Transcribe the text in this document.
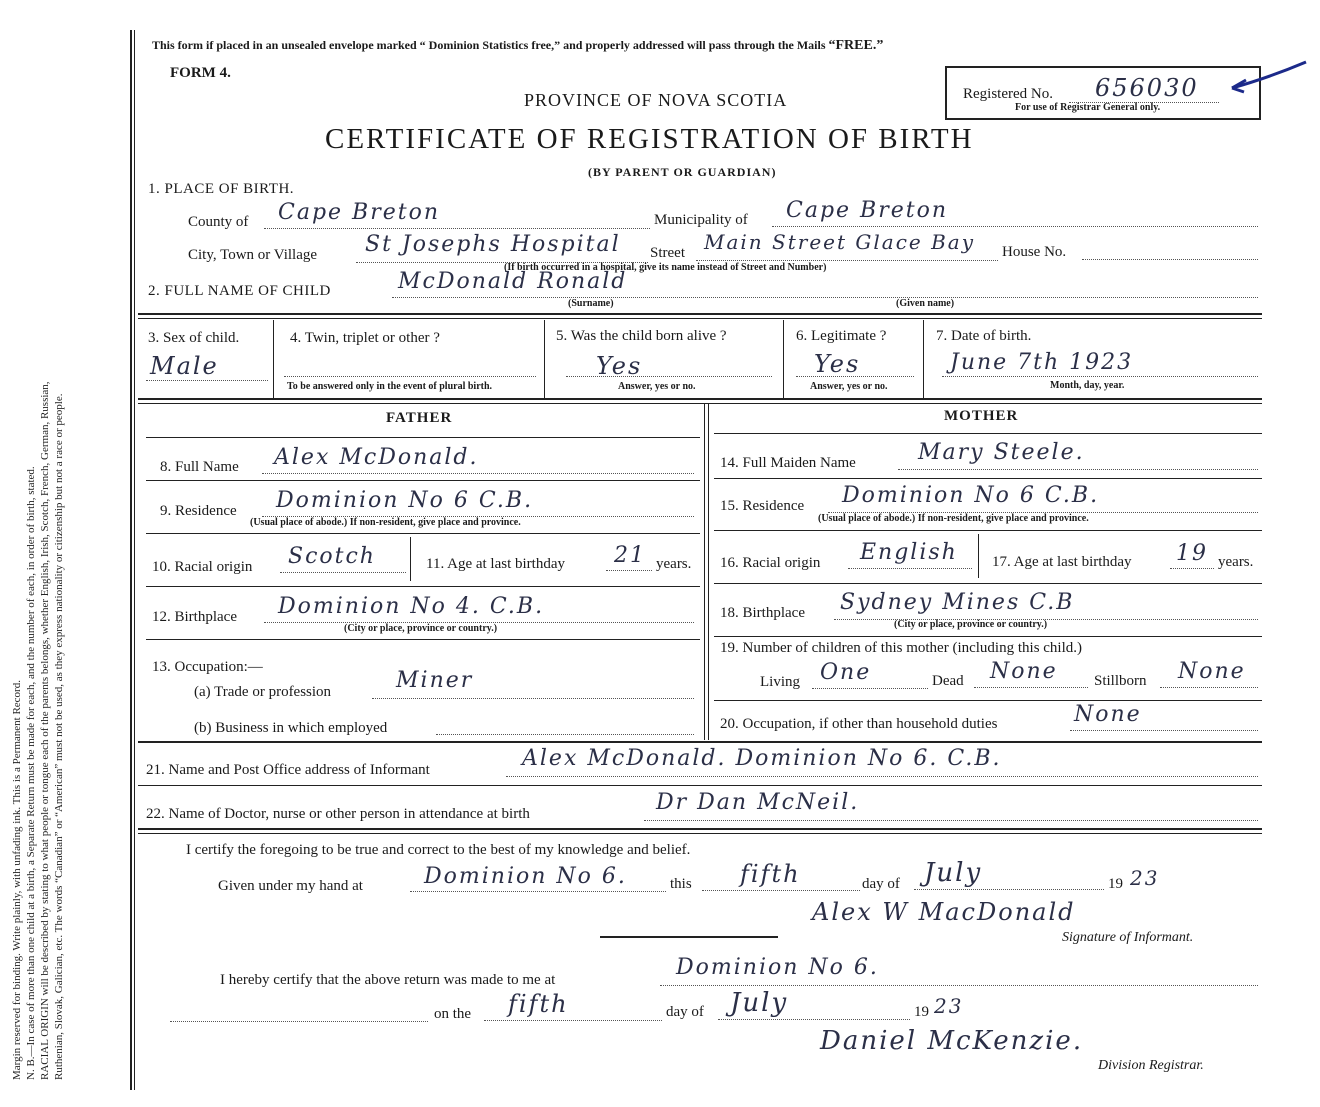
Margin reserved for binding. Write plainly, with unfading ink. This is a Permanent Record. N. B.—In case of more than one child at a birth, a Separate Return must be made for each, and the number of each, in order of birth, stated. RACIAL ORIGIN will be described by stating to what people or tongue each of the parents belongs, whether English, Irish, Scotch, French, German, Russian, Ruthenian, Slovak, Galician, etc. The words “Canadian” or “American” must not be used, as they express nationality or citizenship but not a race or people.
This form if placed in an unsealed envelope marked “ Dominion Statistics free,” and properly addressed will pass through the Mails “FREE.”
FORM 4.
PROVINCE OF NOVA SCOTIA
CERTIFICATE OF REGISTRATION OF BIRTH
(BY PARENT OR GUARDIAN)
Registered No. 656030
For use of Registrar General only.
1. PLACE OF BIRTH.
County of Cape Breton	Municipality of Cape Breton
City, Town or Village St Josephs Hospital Street Main Street Glace Bay House No.
(If birth occurred in a hospital, give its name instead of Street and Number)
2. FULL NAME OF CHILD	McDonald Ronald
(Surname)	(Given name)
3. Sex of child.
Male
4. Twin, triplet or other ?
To be answered only in the event of plural birth.
5. Was the child born alive ?
Yes
Answer, yes or no.
6. Legitimate ?
Yes
Answer, yes or no.
7. Date of birth.
June 7th 1923
Month, day, year.
FATHER	MOTHER
8. Full Name Alex McDonald.
9. Residence Dominion No 6 C.B.
(Usual place of abode.) If non-resident, give place and province.
10. Racial origin Scotch	11. Age at last birthday 21 years.
12. Birthplace Dominion No 4. C.B.
(City or place, province or country.)
13. Occupation:—
(a) Trade or profession	Miner
(b) Business in which employed
14. Full Maiden Name	Mary Steele.
15. Residence Dominion No 6 C.B.
(Usual place of abode.) If non-resident, give place and province.
16. Racial origin English 17. Age at last birthday 19 years.
18. Birthplace Sydney Mines C.B
(City or place, province or country.)
19. Number of children of this mother (including this child.)
Living One	Dead None Stillborn None
20. Occupation, if other than household duties	None
21. Name and Post Office address of Informant	Alex McDonald. Dominion No 6. C.B.
22. Name of Doctor, nurse or other person in attendance at birth	Dr Dan McNeil.
I certify the foregoing to be true and correct to the best of my knowledge and belief.
Given under my hand at	Dominion No 6.	this fifth	day of July	19 23
Alex W MacDonald
Signature of Informant.
I hereby certify that the above return was made to me at	Dominion No 6.
on the fifth	day of July	19 23
Daniel McKenzie.
Division Registrar.
